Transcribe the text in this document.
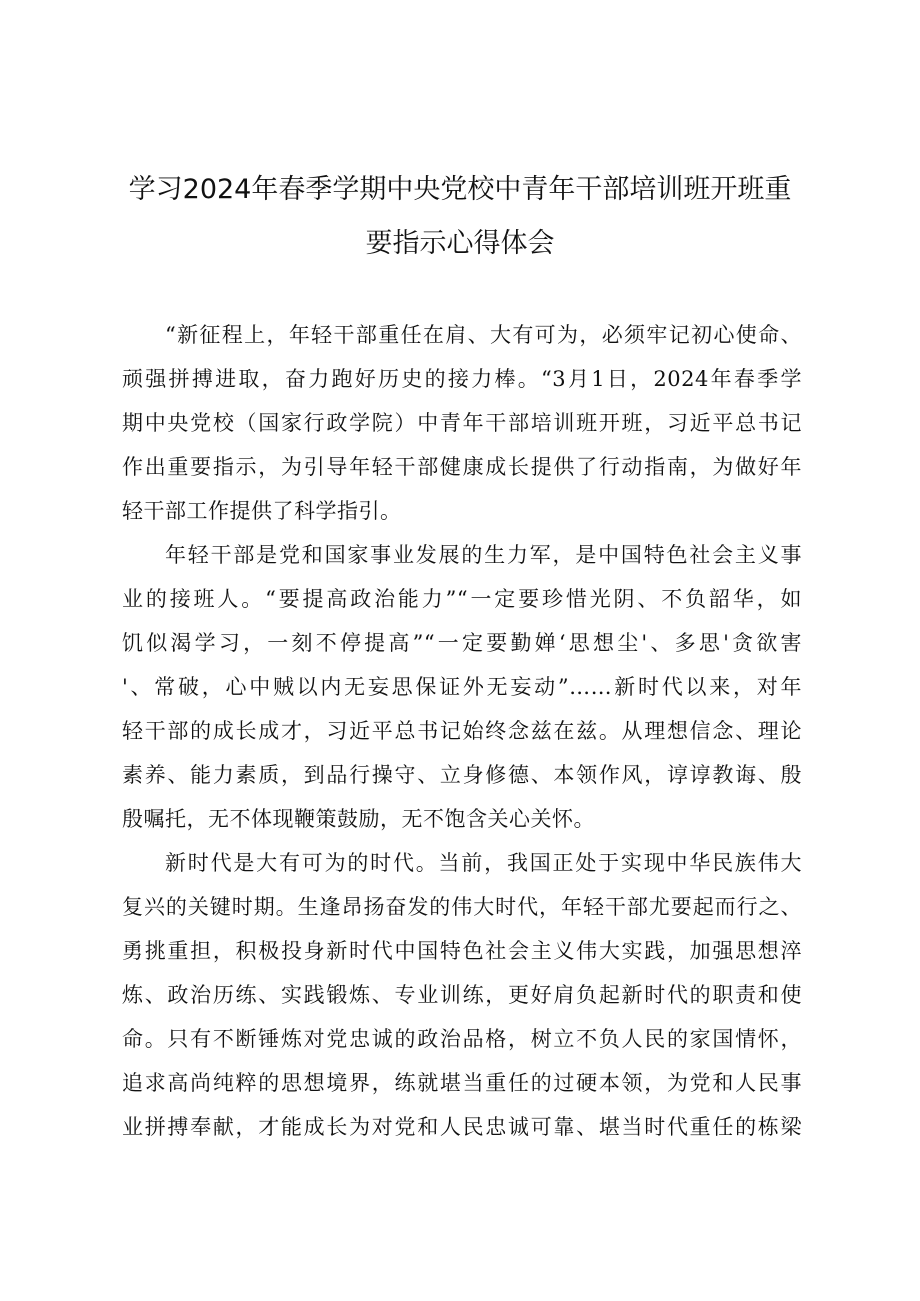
学习2024年春季学期中央党校中青年干部培训班开班重
要指示心得体会
“新征程上，年轻干部重任在肩、大有可为，必须牢记初心使命、
顽强拼搏进取，奋力跑好历史的接力棒。“3月1日，2024年春季学
期中央党校（国家行政学院）中青年干部培训班开班，习近平总书记
作出重要指示，为引导年轻干部健康成长提供了行动指南，为做好年
轻干部工作提供了科学指引。
年轻干部是党和国家事业发展的生力军，是中国特色社会主义事
业的接班人。“要提高政治能力”“一定要珍惜光阴、不负韶华，如
饥似渴学习，一刻不停提高”“一定要勤婵‘思想尘'、多思'贪欲害
'、常破，心中贼以内无妄思保证外无妄动”……新时代以来，对年
轻干部的成长成才，习近平总书记始终念兹在兹。从理想信念、理论
素养、能力素质，到品行操守、立身修德、本领作风，谆谆教诲、殷
殷嘱托，无不体现鞭策鼓励，无不饱含关心关怀。
新时代是大有可为的时代。当前，我国正处于实现中华民族伟大
复兴的关键时期。生逢昂扬奋发的伟大时代，年轻干部尤要起而行之、
勇挑重担，积极投身新时代中国特色社会主义伟大实践，加强思想淬
炼、政治历练、实践锻炼、专业训练，更好肩负起新时代的职责和使
命。只有不断锤炼对党忠诚的政治品格，树立不负人民的家国情怀，
追求高尚纯粹的思想境界，练就堪当重任的过硬本领，为党和人民事
业拼搏奉献，才能成长为对党和人民忠诚可靠、堪当时代重任的栋梁
